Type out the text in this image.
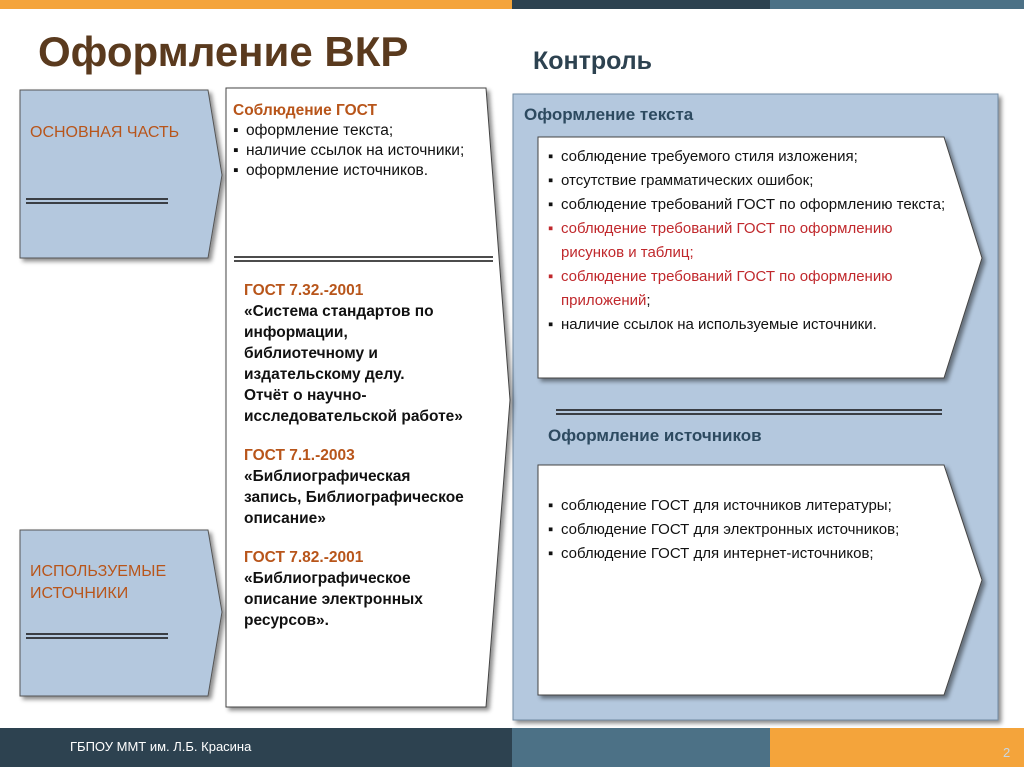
Оформление ВКР	Контроль
ОСНОВНАЯ ЧАСТЬ
ИСПОЛЬЗУЕМЫЕ ИСТОЧНИКИ
Соблюдение ГОСТ
▪ оформление текста;
▪ наличие ссылок на источники;
▪ оформление источников.
ГОСТ 7.32.-2001
«Система стандартов по
информации,
библиотечному и
издательскому делу.
Отчёт о научно-
исследовательской работе»
ГОСТ 7.1.-2003
«Библиографическая
запись, Библиографическое
описание»
ГОСТ 7.82.-2001
«Библиографическое
описание электронных
ресурсов».
Оформление текста
Оформление источников
▪ соблюдение требуемого стиля изложения;
▪ отсутствие грамматических ошибок;
▪ соблюдение требований ГОСТ по оформлению текста;
▪ соблюдение требований ГОСТ по оформлению рисунков и таблиц;
▪ соблюдение требований ГОСТ по оформлению приложений;
▪ наличие ссылок на используемые источники.
▪ соблюдение ГОСТ для источников литературы;
▪ соблюдение ГОСТ для электронных источников;
▪ соблюдение ГОСТ для интернет-источников;
ГБПОУ ММТ им. Л.Б. Красина	2
